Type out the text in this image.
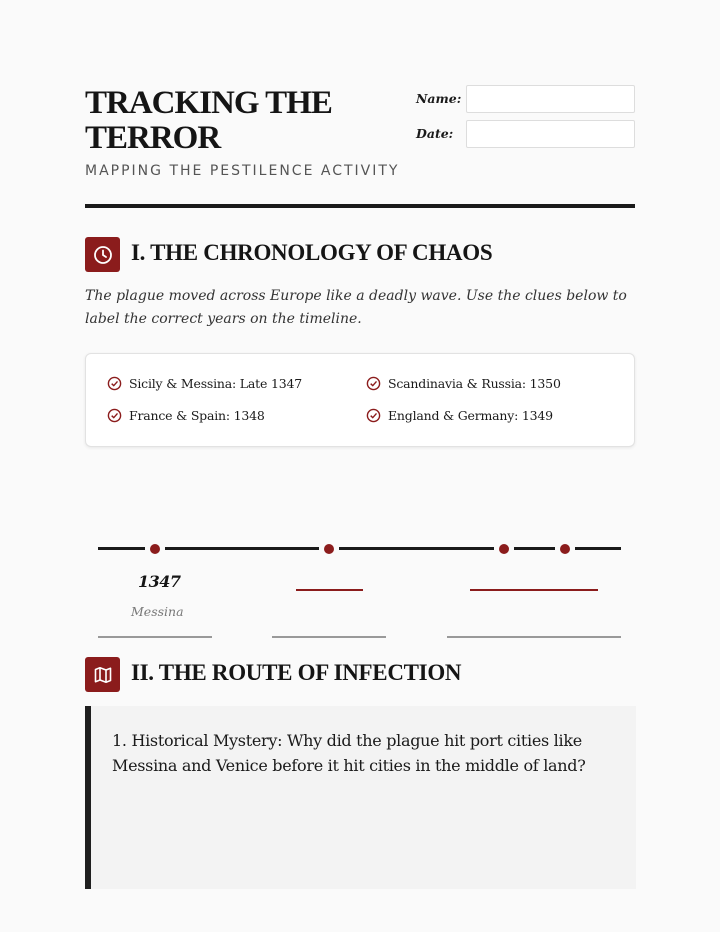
TRACKING THE TERROR
MAPPING THE PESTILENCE ACTIVITY
Name:
Date:
I. THE CHRONOLOGY OF CHAOS
The plague moved across Europe like a deadly wave. Use the clues below to label the correct years on the timeline.
Sicily & Messina: Late 1347	Scandinavia & Russia: 1350
France & Spain: 1348	England & Germany: 1349
1347
Messina
II. THE ROUTE OF INFECTION
1. Historical Mystery: Why did the plague hit port cities like Messina and Venice before it hit cities in the middle of land?
